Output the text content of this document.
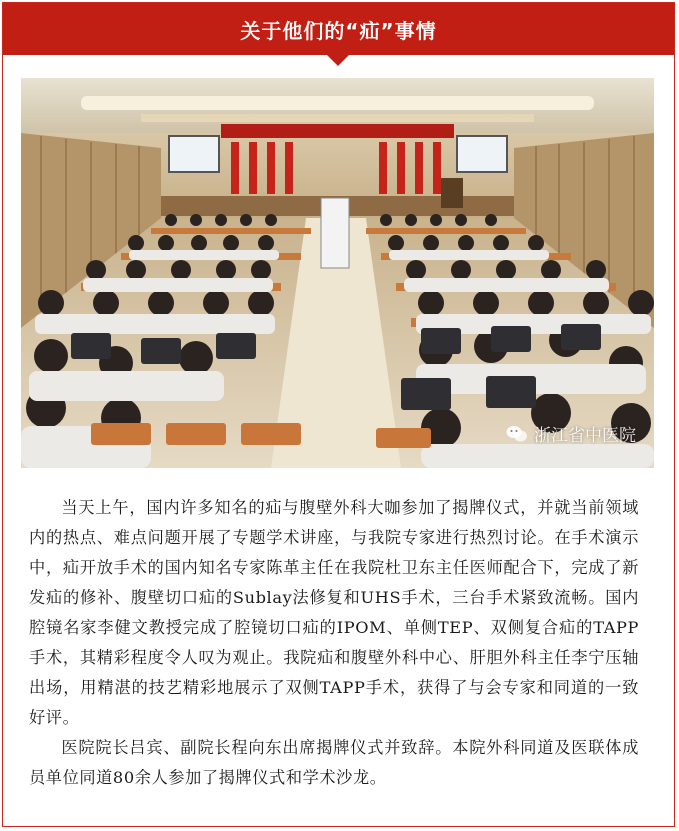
关于他们的“疝”事情
浙江省中医院

当天上午，国内许多知名的疝与腹壁外科大咖参加了揭牌仪式，并就当前领域内的热点、难点问题开展了专题学术讲座，与我院专家进行热烈讨论。在手术演示中，疝开放手术的国内知名专家陈革主任在我院杜卫东主任医师配合下，完成了新发疝的修补、腹壁切口疝的Sublay法修复和UHS手术，三台手术紧致流畅。国内腔镜名家李健文教授完成了腔镜切口疝的IPOM、单侧TEP、双侧复合疝的TAPP手术，其精彩程度令人叹为观止。我院疝和腹壁外科中心、肝胆外科主任李宁压轴出场，用精湛的技艺精彩地展示了双侧TAPP手术，获得了与会专家和同道的一致好评。

医院院长吕宾、副院长程向东出席揭牌仪式并致辞。本院外科同道及医联体成员单位同道80余人参加了揭牌仪式和学术沙龙。
